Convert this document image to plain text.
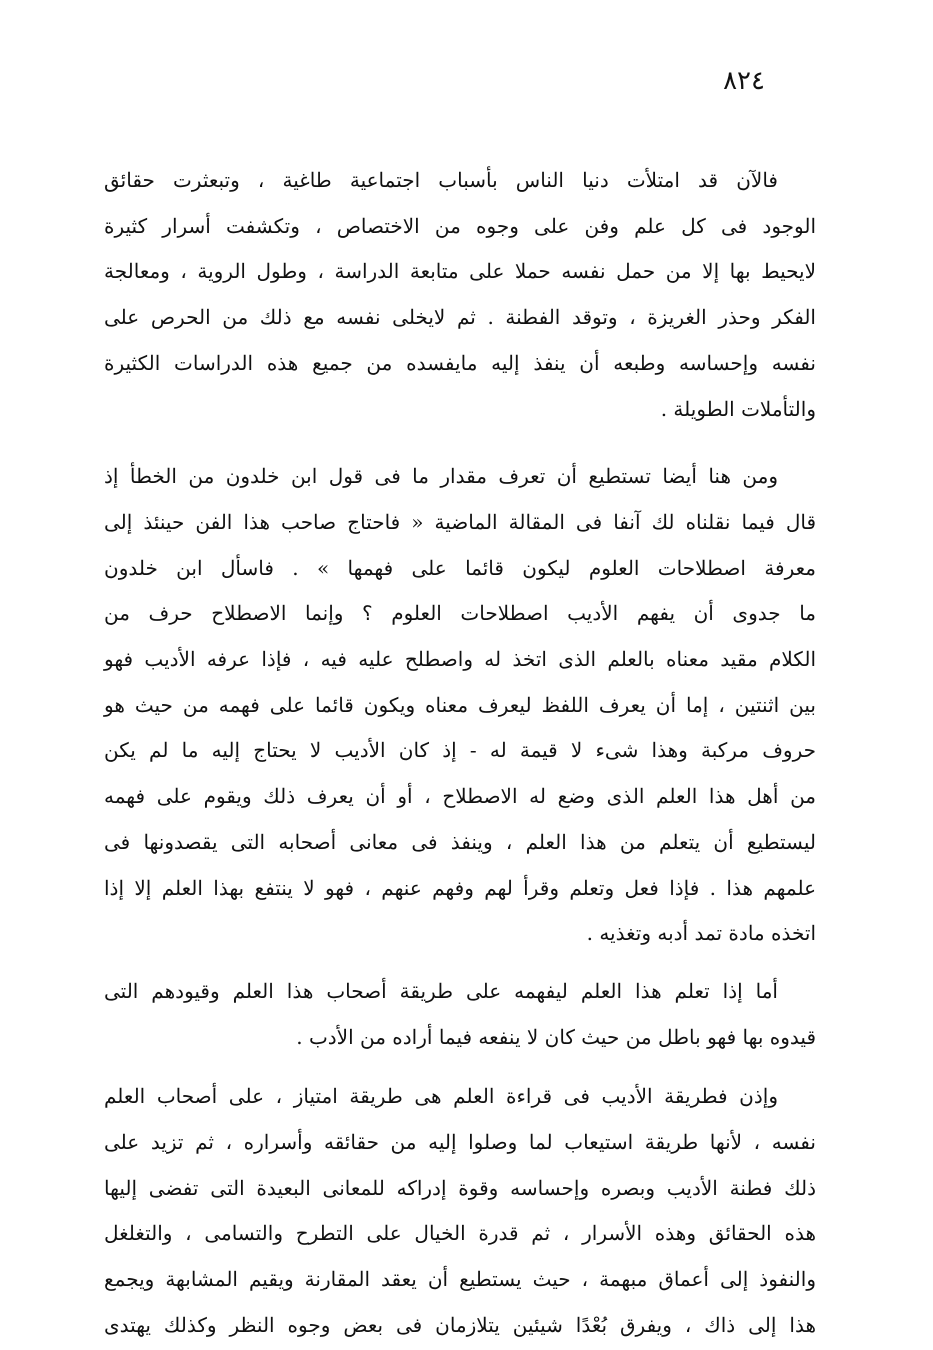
٨٢٤

فالآن قد امتلأت دنيا الناس بأسباب اجتماعية طاغية ، وتبعثرت حقائق
الوجود فى كل علم وفن على وجوه من الاختصاص ، وتكشفت أسرار كثيرة
لايحيط بها إلا من حمل نفسه حملا على متابعة الدراسة ، وطول الروية ، ومعالجة
الفكر وحذر الغريزة ، وتوقد الفطنة . ثم لايخلى نفسه مع ذلك من الحرص على
نفسه وإحساسه وطبعه أن ينفذ إليه مايفسده من جميع هذه الدراسات الكثيرة
والتأملات الطويلة .

ومن هنا أيضا تستطيع أن تعرف مقدار ما فى قول ابن خلدون من الخطأ إذ
قال فيما نقلناه لك آنفا فى المقالة الماضية « فاحتاج صاحب هذا الفن حينئذ إلى
معرفة اصطلاحات العلوم ليكون قائما على فهمها » . فاسأل ابن خلدون
ما جدوى أن يفهم الأديب اصطلاحات العلوم ؟ وإنما الاصطلاح حرف من
الكلام مقيد معناه بالعلم الذى اتخذ له واصطلح عليه فيه ، فإذا عرفه الأديب فهو
بين اثنتين ، إما أن يعرف اللفظ ليعرف معناه ويكون قائما على فهمه من حيث هو
حروف مركبة وهذا شىء لا قيمة له - إذ كان الأديب لا يحتاج إليه ما لم يكن
من أهل هذا العلم الذى وضع له الاصطلاح ، أو أن يعرف ذلك ويقوم على فهمه
ليستطيع أن يتعلم من هذا العلم ، وينفذ فى معانى أصحابه التى يقصدونها فى
علمهم هذا . فإذا فعل وتعلم وقرأ لهم وفهم عنهم ، فهو لا ينتفع بهذا العلم إلا إذا
اتخذه مادة تمد أدبه وتغذيه .

أما إذا تعلم هذا العلم ليفهمه على طريقة أصحاب هذا العلم وقيودهم التى
قيدوه بها فهو باطل من حيث كان لا ينفعه فيما أراده من الأدب .

وإذن فطريقة الأديب فى قراءة العلم هى طريقة امتياز ، على أصحاب العلم
نفسه ، لأنها طريقة استيعاب لما وصلوا إليه من حقائقه وأسراره ، ثم تزيد على
ذلك فطنة الأديب وبصره وإحساسه وقوة إدراكه للمعانى البعيدة التى تفضى إليها
هذه الحقائق وهذه الأسرار ، ثم قدرة الخيال على التطرح والتسامى ، والتغلغل
والنفوذ إلى أعماق مبهمة ، حيث يستطيع أن يعقد المقارنة ويقيم المشابهة ويجمع
هذا إلى ذاك ، ويفرق بُعْدًا شيئين يتلازمان فى بعض وجوه النظر وكذلك يهتدى
